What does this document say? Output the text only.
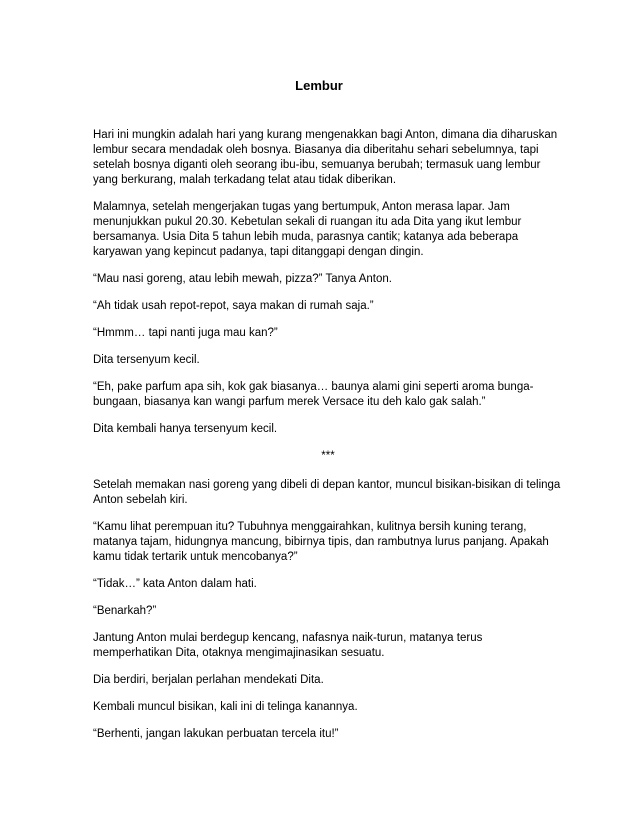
Lembur

Hari ini mungkin adalah hari yang kurang mengenakkan bagi Anton, dimana dia diharuskan lembur secara mendadak oleh bosnya. Biasanya dia diberitahu sehari sebelumnya, tapi setelah bosnya diganti oleh seorang ibu-ibu, semuanya berubah; termasuk uang lembur yang berkurang, malah terkadang telat atau tidak diberikan.

Malamnya, setelah mengerjakan tugas yang bertumpuk, Anton merasa lapar. Jam menunjukkan pukul 20.30. Kebetulan sekali di ruangan itu ada Dita yang ikut lembur bersamanya. Usia Dita 5 tahun lebih muda, parasnya cantik; katanya ada beberapa karyawan yang kepincut padanya, tapi ditanggapi dengan dingin.

“Mau nasi goreng, atau lebih mewah, pizza?” Tanya Anton.

“Ah tidak usah repot-repot, saya makan di rumah saja.”

“Hmmm… tapi nanti juga mau kan?”

Dita tersenyum kecil.

“Eh, pake parfum apa sih, kok gak biasanya… baunya alami gini seperti aroma bunga-bungaan, biasanya kan wangi parfum merek Versace itu deh kalo gak salah.”

Dita kembali hanya tersenyum kecil.

***

Setelah memakan nasi goreng yang dibeli di depan kantor, muncul bisikan-bisikan di telinga Anton sebelah kiri.

“Kamu lihat perempuan itu? Tubuhnya menggairahkan, kulitnya bersih kuning terang, matanya tajam, hidungnya mancung, bibirnya tipis, dan rambutnya lurus panjang. Apakah kamu tidak tertarik untuk mencobanya?”

“Tidak…” kata Anton dalam hati.

“Benarkah?”

Jantung Anton mulai berdegup kencang, nafasnya naik-turun, matanya terus memperhatikan Dita, otaknya mengimajinasikan sesuatu.

Dia berdiri, berjalan perlahan mendekati Dita.

Kembali muncul bisikan, kali ini di telinga kanannya.

“Berhenti, jangan lakukan perbuatan tercela itu!”
